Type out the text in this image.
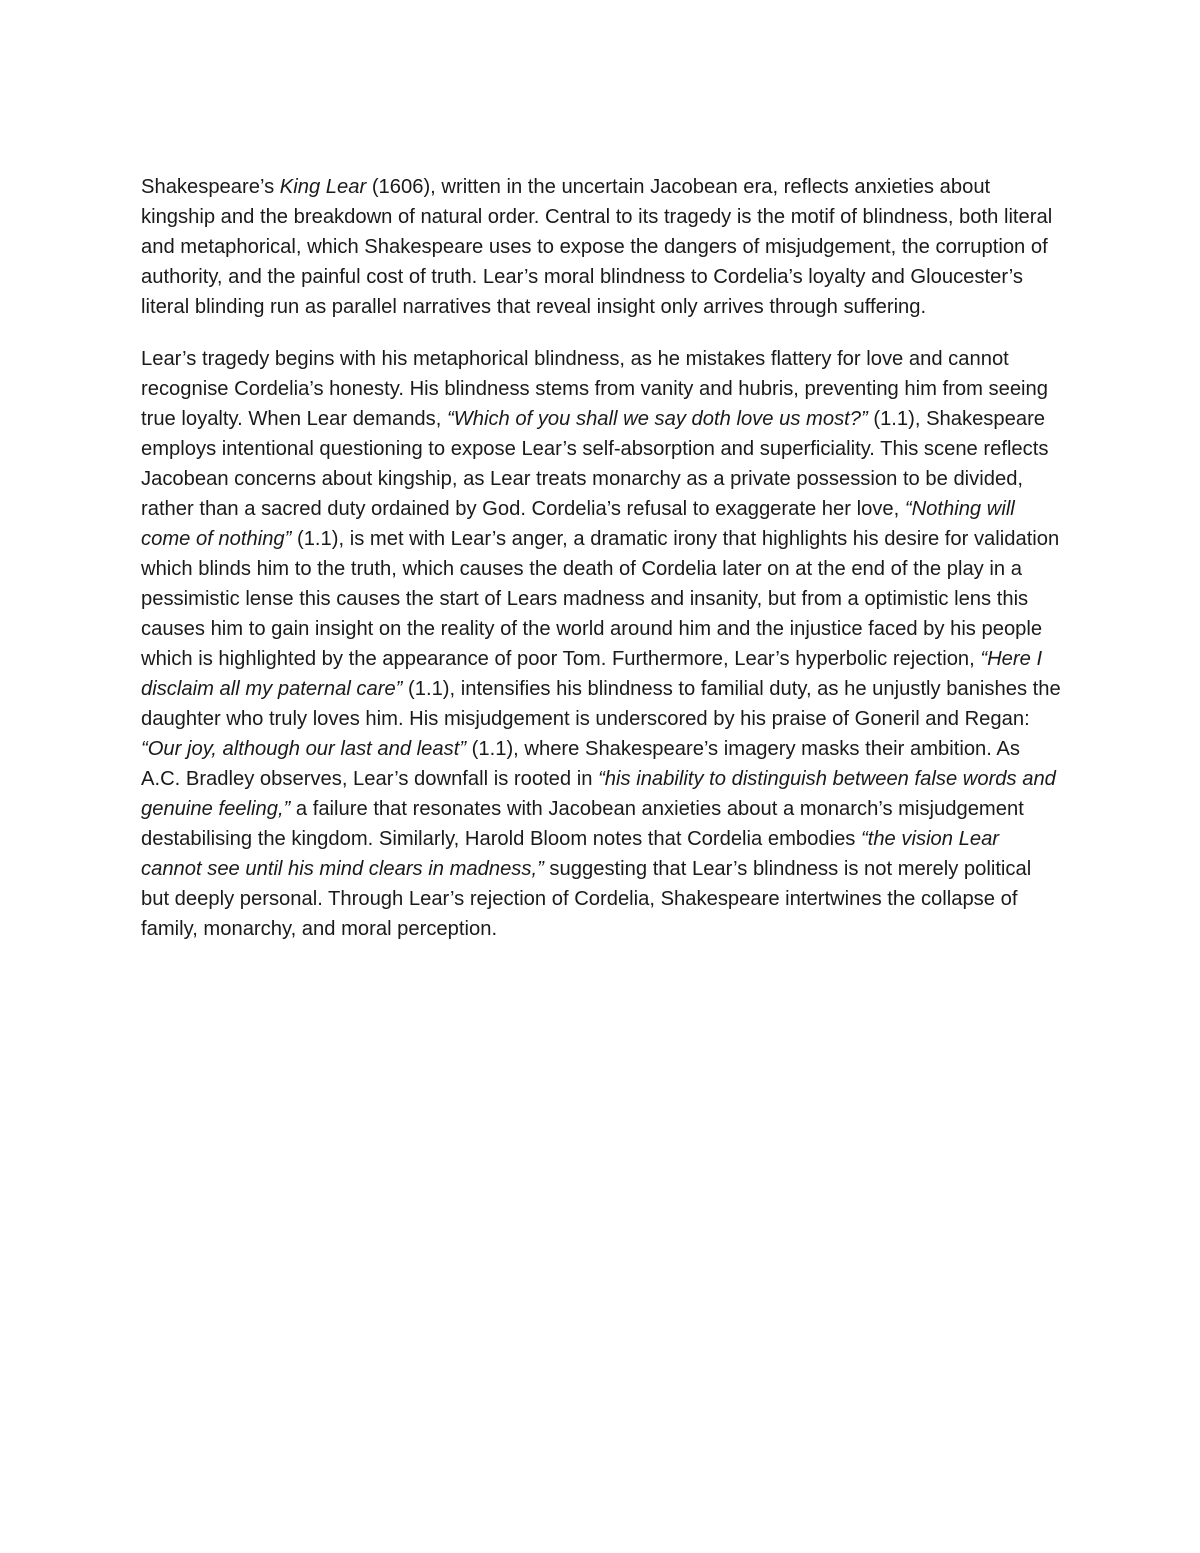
Shakespeare’s King Lear (1606), written in the uncertain Jacobean era, reflects anxieties about kingship and the breakdown of natural order. Central to its tragedy is the motif of blindness, both literal and metaphorical, which Shakespeare uses to expose the dangers of misjudgement, the corruption of authority, and the painful cost of truth. Lear’s moral blindness to Cordelia’s loyalty and Gloucester’s literal blinding run as parallel narratives that reveal insight only arrives through suffering.

Lear’s tragedy begins with his metaphorical blindness, as he mistakes flattery for love and cannot recognise Cordelia’s honesty. His blindness stems from vanity and hubris, preventing him from seeing true loyalty. When Lear demands, “Which of you shall we say doth love us most?” (1.1), Shakespeare employs intentional questioning to expose Lear’s self-absorption and superficiality. This scene reflects Jacobean concerns about kingship, as Lear treats monarchy as a private possession to be divided, rather than a sacred duty ordained by God. Cordelia’s refusal to exaggerate her love, “Nothing will come of nothing” (1.1), is met with Lear’s anger, a dramatic irony that highlights his desire for validation which blinds him to the truth, which causes the death of Cordelia later on at the end of the play in a pessimistic lense this causes the start of Lears madness and insanity, but from a optimistic lens this causes him to gain insight on the reality of the world around him and the injustice faced by his people which is highlighted by the appearance of poor Tom. Furthermore, Lear’s hyperbolic rejection, “Here I disclaim all my paternal care” (1.1), intensifies his blindness to familial duty, as he unjustly banishes the daughter who truly loves him. His misjudgement is underscored by his praise of Goneril and Regan: “Our joy, although our last and least” (1.1), where Shakespeare’s imagery masks their ambition. As A.C. Bradley observes, Lear’s downfall is rooted in “his inability to distinguish between false words and genuine feeling,” a failure that resonates with Jacobean anxieties about a monarch’s misjudgement destabilising the kingdom. Similarly, Harold Bloom notes that Cordelia embodies “the vision Lear cannot see until his mind clears in madness,” suggesting that Lear’s blindness is not merely political but deeply personal. Through Lear’s rejection of Cordelia, Shakespeare intertwines the collapse of family, monarchy, and moral perception.
